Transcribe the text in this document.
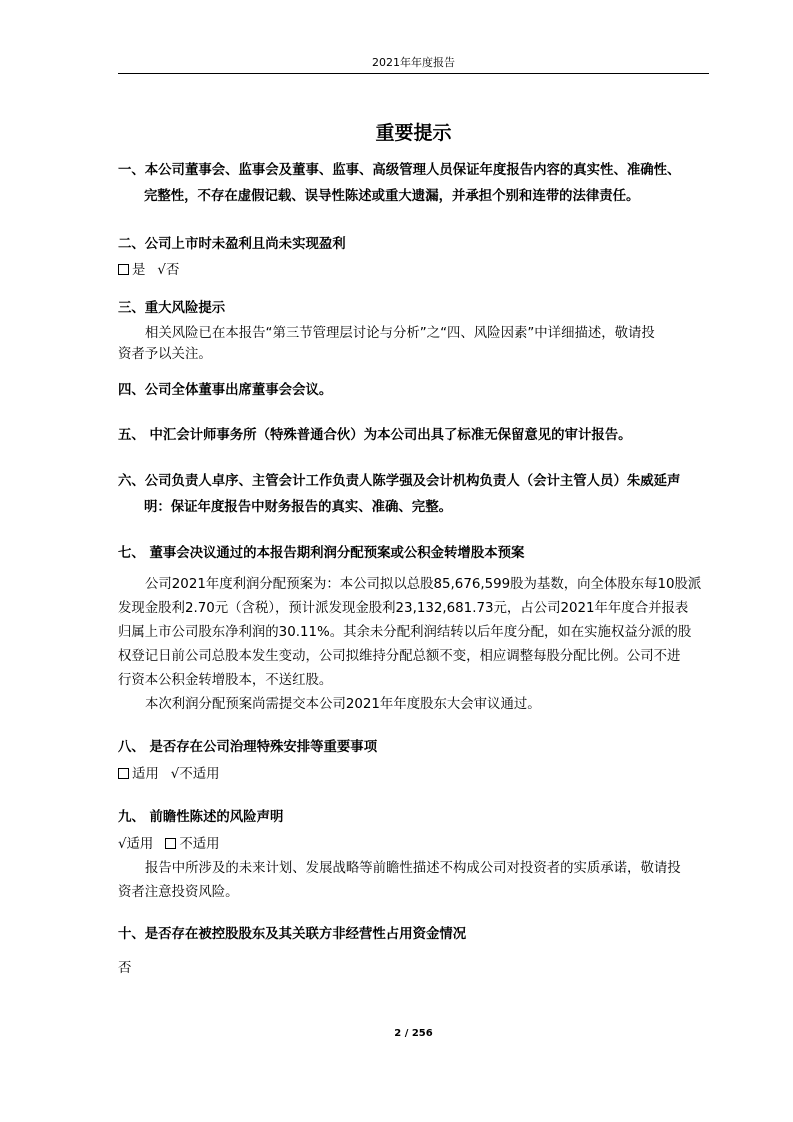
2021年年度报告
重要提示
一、本公司董事会、监事会及董事、监事、高级管理人员保证年度报告内容的真实性、准确性、
完整性，不存在虚假记载、误导性陈述或重大遗漏，并承担个别和连带的法律责任。
二、公司上市时未盈利且尚未实现盈利
是 √否
三、重大风险提示
相关风险已在本报告“第三节管理层讨论与分析”之“四、风险因素”中详细描述，敬请投
资者予以关注。
四、公司全体董事出席董事会会议。
五、 中汇会计师事务所（特殊普通合伙）为本公司出具了标准无保留意见的审计报告。
六、公司负责人卓序、主管会计工作负责人陈学强及会计机构负责人（会计主管人员）朱威延声
明：保证年度报告中财务报告的真实、准确、完整。
七、 董事会决议通过的本报告期利润分配预案或公积金转增股本预案
公司2021年度利润分配预案为：本公司拟以总股85,676,599股为基数，向全体股东每10股派
发现金股利2.70元（含税），预计派发现金股利23,132,681.73元，占公司2021年年度合并报表
归属上市公司股东净利润的30.11%。其余未分配利润结转以后年度分配，如在实施权益分派的股
权登记日前公司总股本发生变动，公司拟维持分配总额不变，相应调整每股分配比例。公司不进
行资本公积金转增股本，不送红股。
本次利润分配预案尚需提交本公司2021年年度股东大会审议通过。
八、 是否存在公司治理特殊安排等重要事项
适用 √不适用
九、 前瞻性陈述的风险声明
√适用 不适用
报告中所涉及的未来计划、发展战略等前瞻性描述不构成公司对投资者的实质承诺，敬请投
资者注意投资风险。
十、是否存在被控股股东及其关联方非经营性占用资金情况
否
2 / 256
